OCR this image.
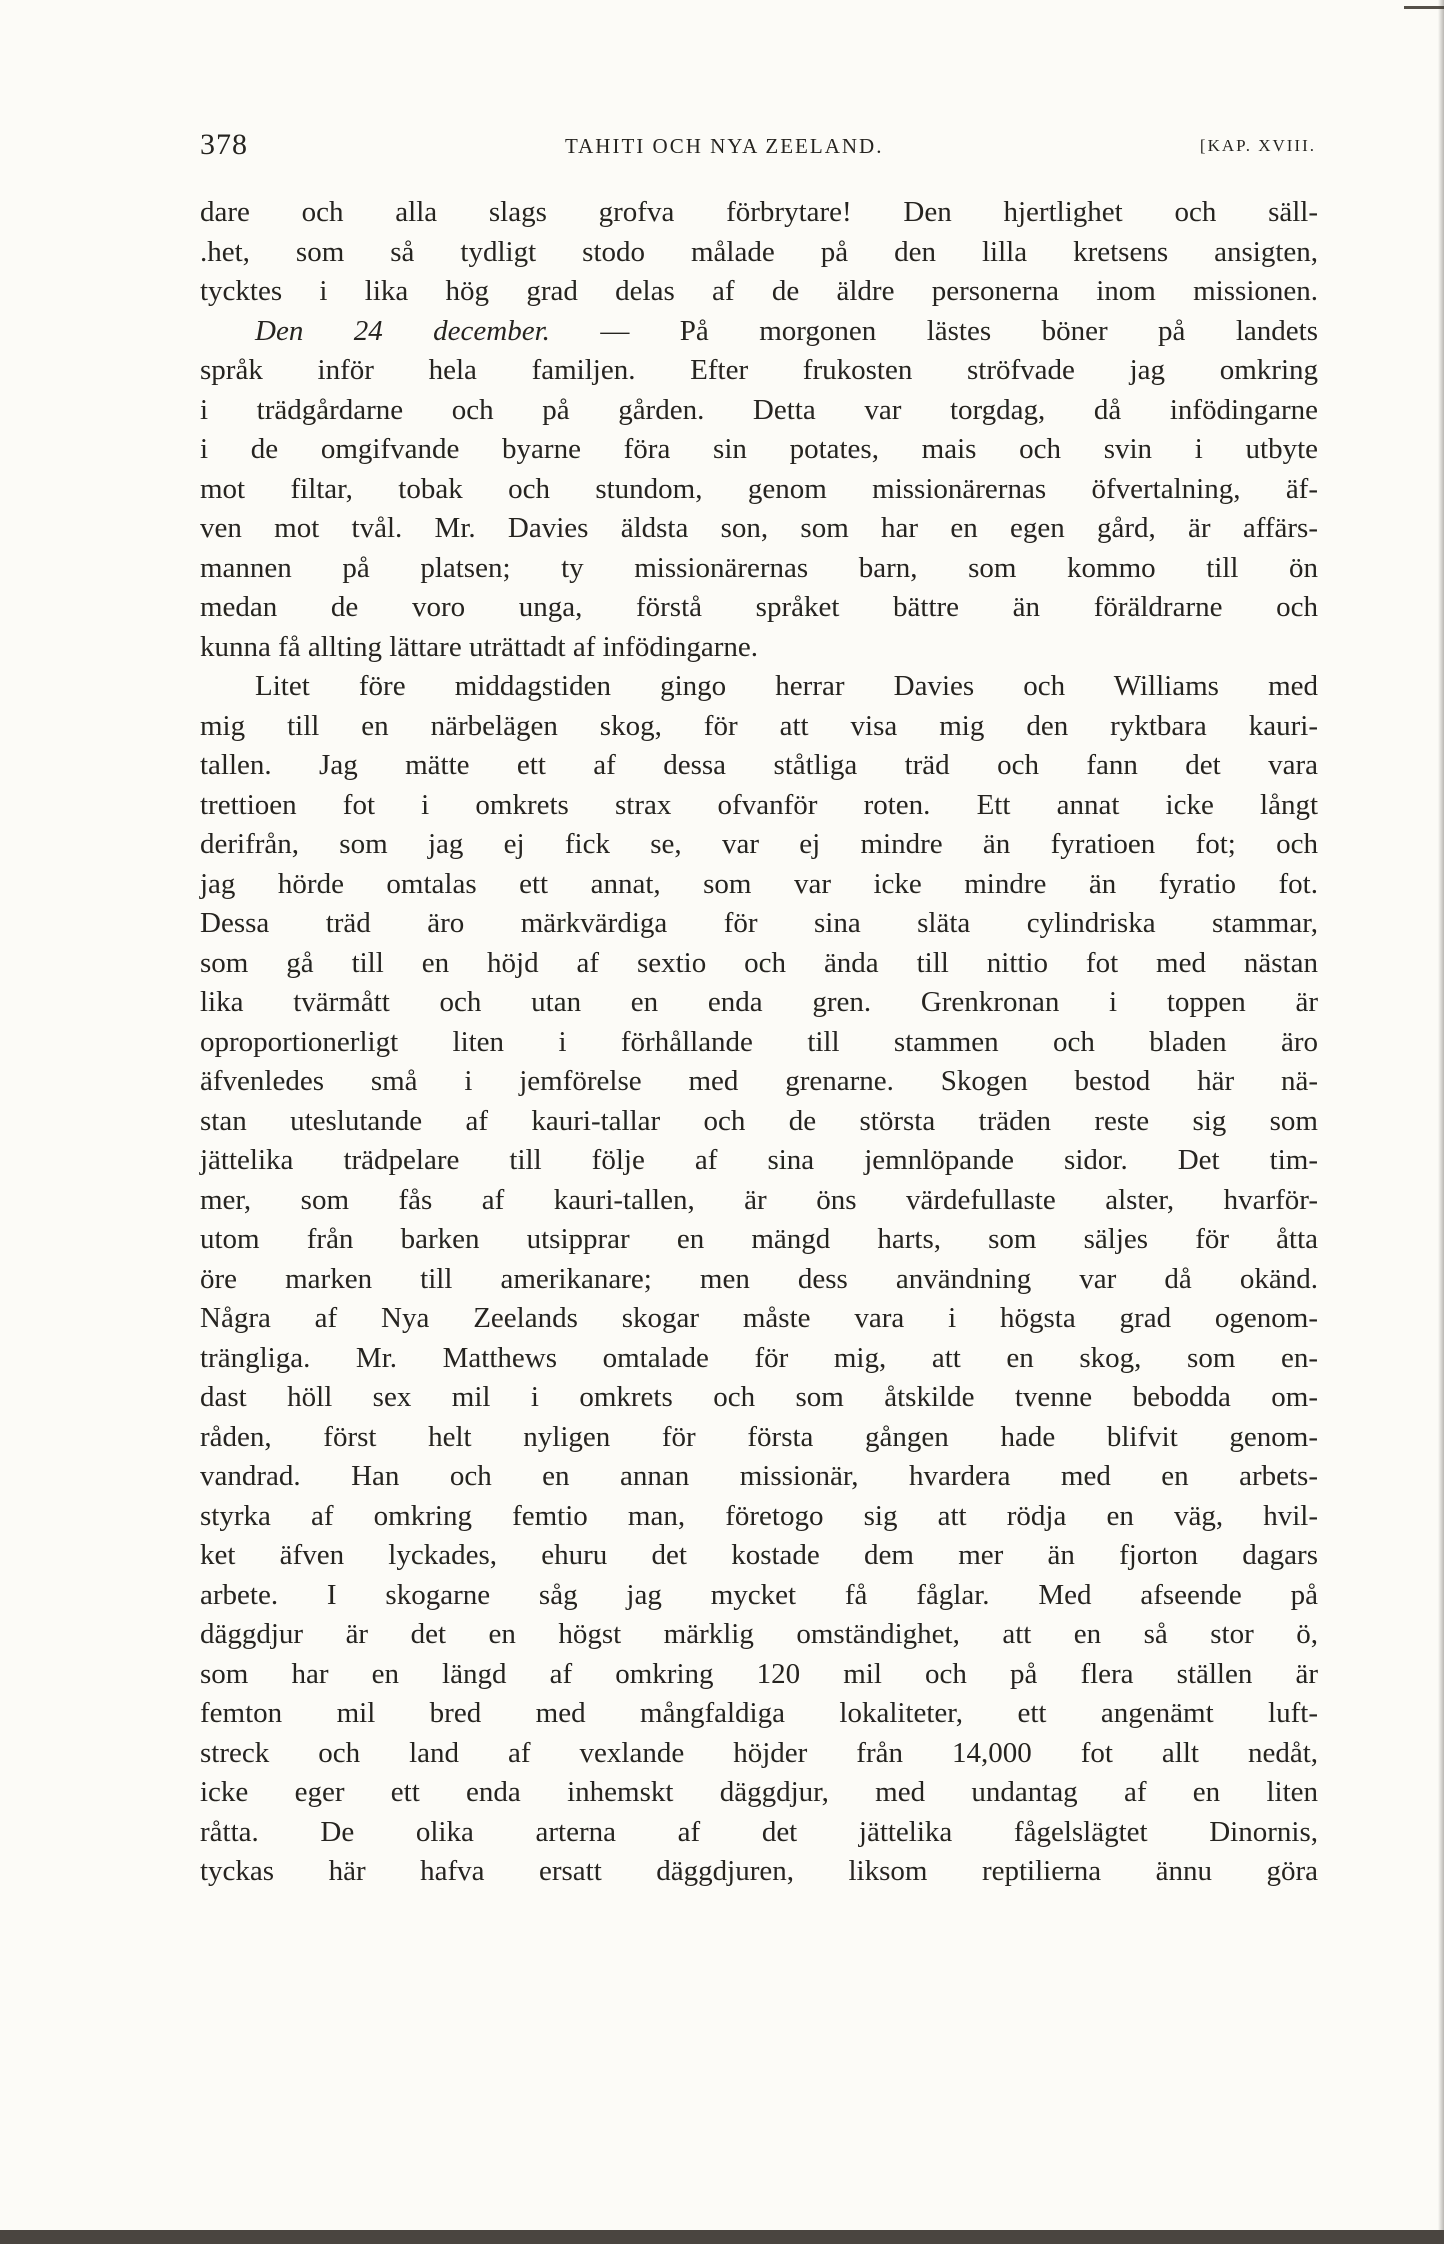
378	TAHITI OCH NYA ZEELAND.	[KAP. XVIII.
dare och alla slags grofva förbrytare! Den hjertlighet och säll-
.het, som så tydligt stodo målade på den lilla kretsens ansigten,
tycktes i lika hög grad delas af de äldre personerna inom missionen.
Den 24 december. — På morgonen lästes böner på landets
språk inför hela familjen. Efter frukosten ströfvade jag omkring
i trädgårdarne och på gården. Detta var torgdag, då infödingarne
i de omgifvande byarne föra sin potates, mais och svin i utbyte
mot filtar, tobak och stundom, genom missionärernas öfvertalning, äf-
ven mot tvål. Mr. Davies äldsta son, som har en egen gård, är affärs-
mannen på platsen; ty missionärernas barn, som kommo till ön
medan de voro unga, förstå språket bättre än föräldrarne och
kunna få allting lättare uträttadt af infödingarne.
Litet före middagstiden gingo herrar Davies och Williams med
mig till en närbelägen skog, för att visa mig den ryktbara kauri-
tallen. Jag mätte ett af dessa ståtliga träd och fann det vara
trettioen fot i omkrets strax ofvanför roten. Ett annat icke långt
derifrån, som jag ej fick se, var ej mindre än fyratioen fot; och
jag hörde omtalas ett annat, som var icke mindre än fyratio fot.
Dessa träd äro märkvärdiga för sina släta cylindriska stammar,
som gå till en höjd af sextio och ända till nittio fot med nästan
lika tvärmått och utan en enda gren. Grenkronan i toppen är
oproportionerligt liten i förhållande till stammen och bladen äro
äfvenledes små i jemförelse med grenarne. Skogen bestod här nä-
stan uteslutande af kauri-tallar och de största träden reste sig som
jättelika trädpelare till följe af sina jemnlöpande sidor. Det tim-
mer, som fås af kauri-tallen, är öns värdefullaste alster, hvarför-
utom från barken utsipprar en mängd harts, som säljes för åtta
öre marken till amerikanare; men dess användning var då okänd.
Några af Nya Zeelands skogar måste vara i högsta grad ogenom-
trängliga. Mr. Matthews omtalade för mig, att en skog, som en-
dast höll sex mil i omkrets och som åtskilde tvenne bebodda om-
råden, först helt nyligen för första gången hade blifvit genom-
vandrad. Han och en annan missionär, hvardera med en arbets-
styrka af omkring femtio man, företogo sig att rödja en väg, hvil-
ket äfven lyckades, ehuru det kostade dem mer än fjorton dagars
arbete. I skogarne såg jag mycket få fåglar. Med afseende på
däggdjur är det en högst märklig omständighet, att en så stor ö,
som har en längd af omkring 120 mil och på flera ställen är
femton mil bred med mångfaldiga lokaliteter, ett angenämt luft-
streck och land af vexlande höjder från 14,000 fot allt nedåt,
icke eger ett enda inhemskt däggdjur, med undantag af en liten
råtta. De olika arterna af det jättelika fågelslägtet Dinornis,
tyckas här hafva ersatt däggdjuren, liksom reptilierna ännu göra
